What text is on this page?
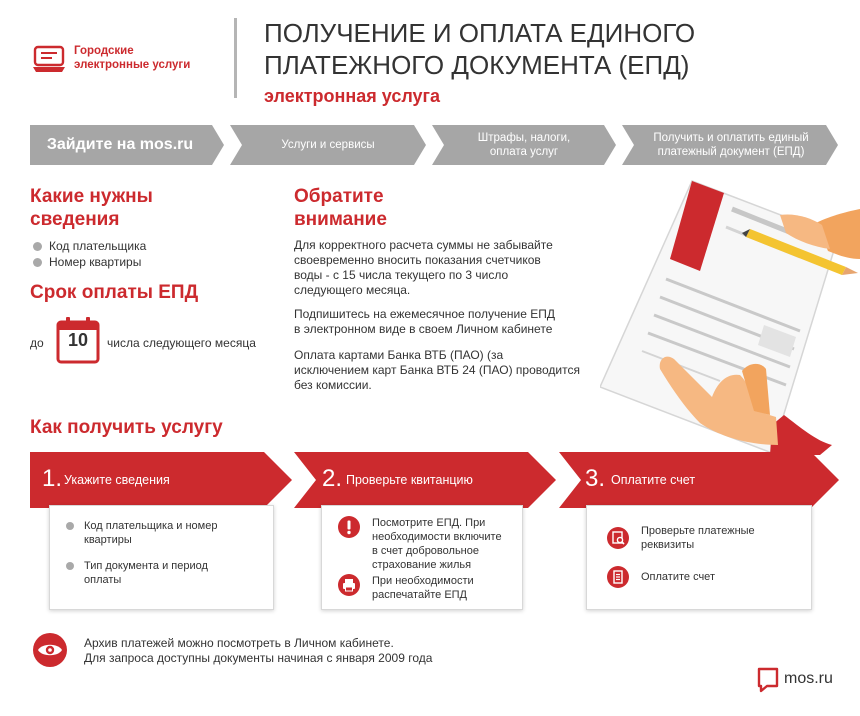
Городские
электронные услуги
ПОЛУЧЕНИЕ И ОПЛАТА ЕДИНОГО
ПЛАТЕЖНОГО ДОКУМЕНТА (ЕПД)
электронная услуга
Зайдите на mos.ru	Услуги и сервисы
Штрафы, налоги,
оплата услуг
Получить и оплатить единый
платежный документ (ЕПД)
Какие нужны
сведения
Код плательщика
Номер квартиры
Срок оплаты ЕПД
до	10	числа следующего месяца
Обратите
внимание
Для корректного расчета суммы не забывайте
своевременно вносить показания счетчиков
воды - с 15 числа текущего по 3 число
следующего месяца.
Подпишитесь на ежемесячное получение ЕПД
в электронном виде в своем Личном кабинете
Оплата картами Банка ВТБ (ПАО) (за
исключением карт Банка ВТБ 24 (ПАО) проводится
без комиссии.
Как получить услугу
1. Укажите сведения
Код плательщика и номер
квартиры
Тип документа и период
оплаты
2. Проверьте квитанцию
Посмотрите ЕПД. При
необходимости включите
в счет добровольное
страхование жилья
При необходимости
распечатайте ЕПД
3. Оплатите счет
Проверьте платежные
реквизиты
Оплатите счет
Архив платежей можно посмотреть в Личном кабинете.
Для запроса доступны документы начиная с января 2009 года
mos.ru
